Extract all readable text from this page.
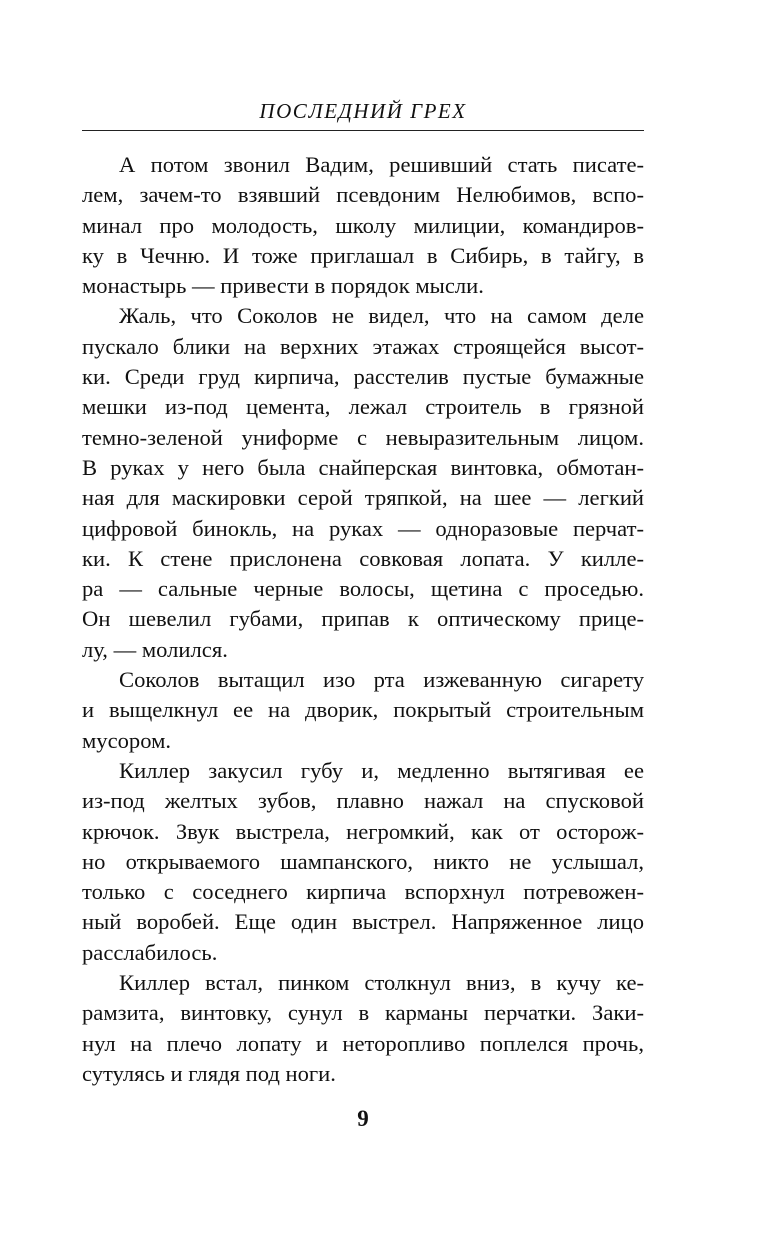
ПОСЛЕДНИЙ ГРЕХ
А потом звонил Вадим, решивший стать писате-
лем, зачем-то взявший псевдоним Нелюбимов, вспо-
минал про молодость, школу милиции, командиров-
ку в Чечню. И тоже приглашал в Сибирь, в тайгу, в
монастырь — привести в порядок мысли.
Жаль, что Соколов не видел, что на самом деле
пускало блики на верхних этажах строящейся высот-
ки. Среди груд кирпича, расстелив пустые бумажные
мешки из-под цемента, лежал строитель в грязной
темно-зеленой униформе с невыразительным лицом.
В руках у него была снайперская винтовка, обмотан-
ная для маскировки серой тряпкой, на шее — легкий
цифровой бинокль, на руках — одноразовые перчат-
ки. К стене прислонена совковая лопата. У килле-
ра — сальные черные волосы, щетина с проседью.
Он шевелил губами, припав к оптическому прице-
лу, — молился.
Соколов вытащил изо рта изжеванную сигарету
и выщелкнул ее на дворик, покрытый строительным
мусором.
Киллер закусил губу и, медленно вытягивая ее
из-под желтых зубов, плавно нажал на спусковой
крючок. Звук выстрела, негромкий, как от осторож-
но открываемого шампанского, никто не услышал,
только с соседнего кирпича вспорхнул потревожен-
ный воробей. Еще один выстрел. Напряженное лицо
расслабилось.
Киллер встал, пинком столкнул вниз, в кучу ке-
рамзита, винтовку, сунул в карманы перчатки. Заки-
нул на плечо лопату и неторопливо поплелся прочь,
сутулясь и глядя под ноги.
9
